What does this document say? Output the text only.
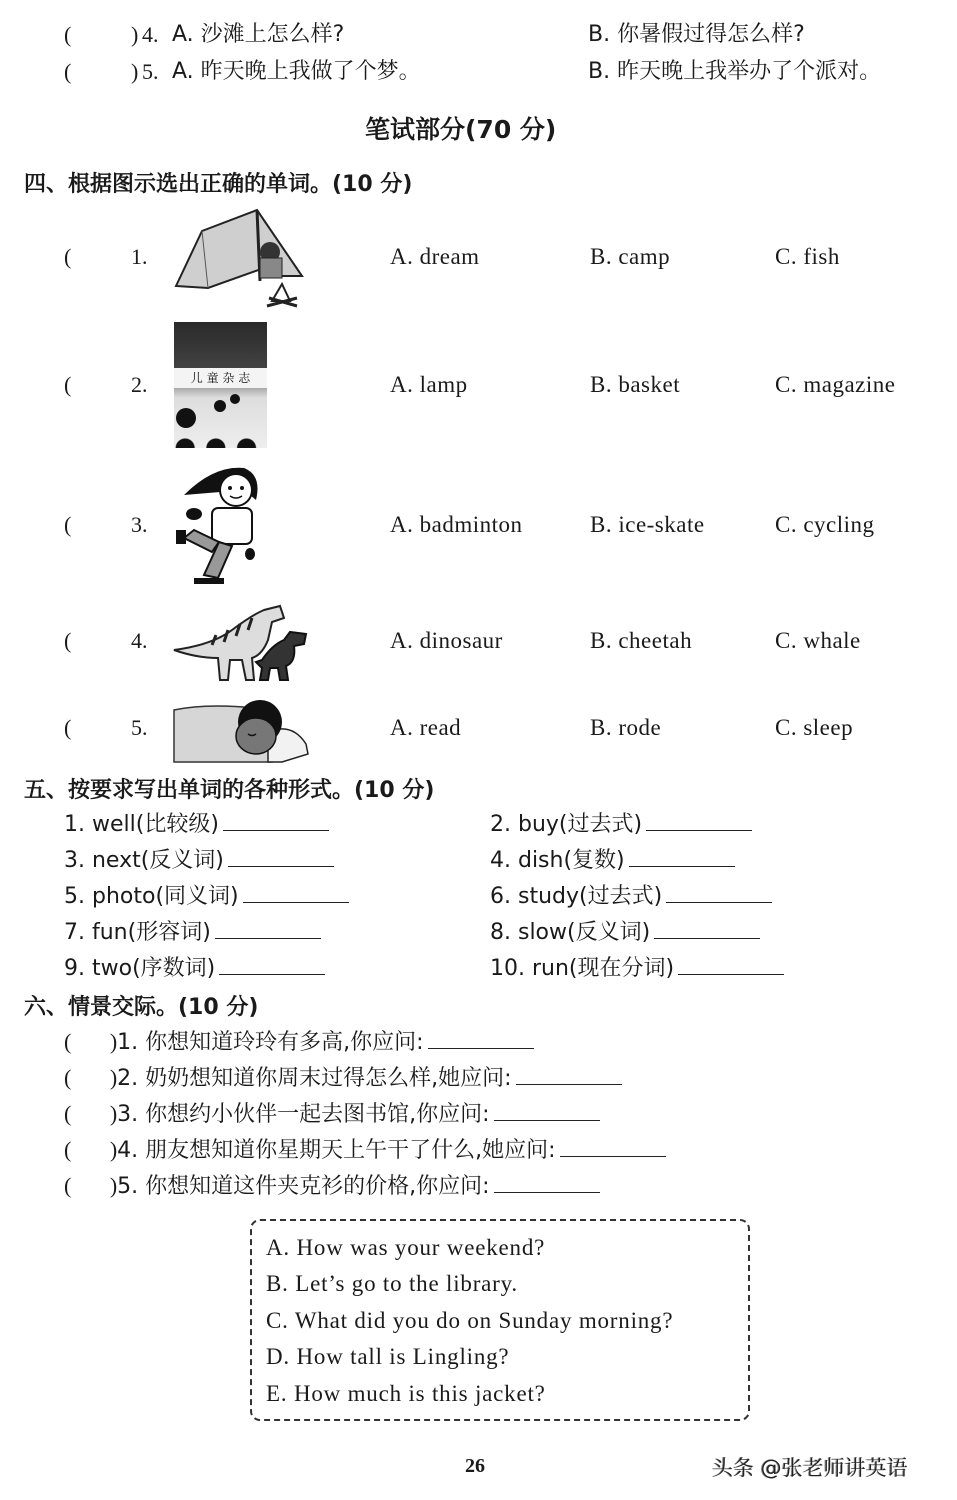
(	) 4. A. 沙滩上怎么样?	B. 你暑假过得怎么样?
(	) 5. A. 昨天晚上我做了个梦。	B. 昨天晚上我举办了个派对。
笔试部分(70 分)
四、根据图示选出正确的单词。(10 分)
(	1.	A. dream	B. camp	C. fish
(	2.	儿 童 杂 志	A. lamp	B. basket	C. magazine
(	3.	A. badminton	B. ice-skate	C. cycling
(	4.	A. dinosaur	B. cheetah	C. whale
(	5.	A. read	B. rode	C. sleep
五、按要求写出单词的各种形式。(10 分)
1. well(比较级)	2. buy(过去式)
3. next(反义词)	4. dish(复数)
5. photo(同义词)	6. study(过去式)
7. fun(形容词)	8. slow(反义词)
9. two(序数词)	10. run(现在分词)
六、情景交际。(10 分)
(       )1. 你想知道玲玲有多高,你应问:
(       )2. 奶奶想知道你周末过得怎么样,她应问:
(       )3. 你想约小伙伴一起去图书馆,你应问:
(       )4. 朋友想知道你星期天上午干了什么,她应问:
(       )5. 你想知道这件夹克衫的价格,你应问:
A. How was your weekend?
B. Let’s go to the library.
C. What did you do on Sunday morning?
D. How tall is Lingling?
E. How much is this jacket?
26	头条 @张老师讲英语
